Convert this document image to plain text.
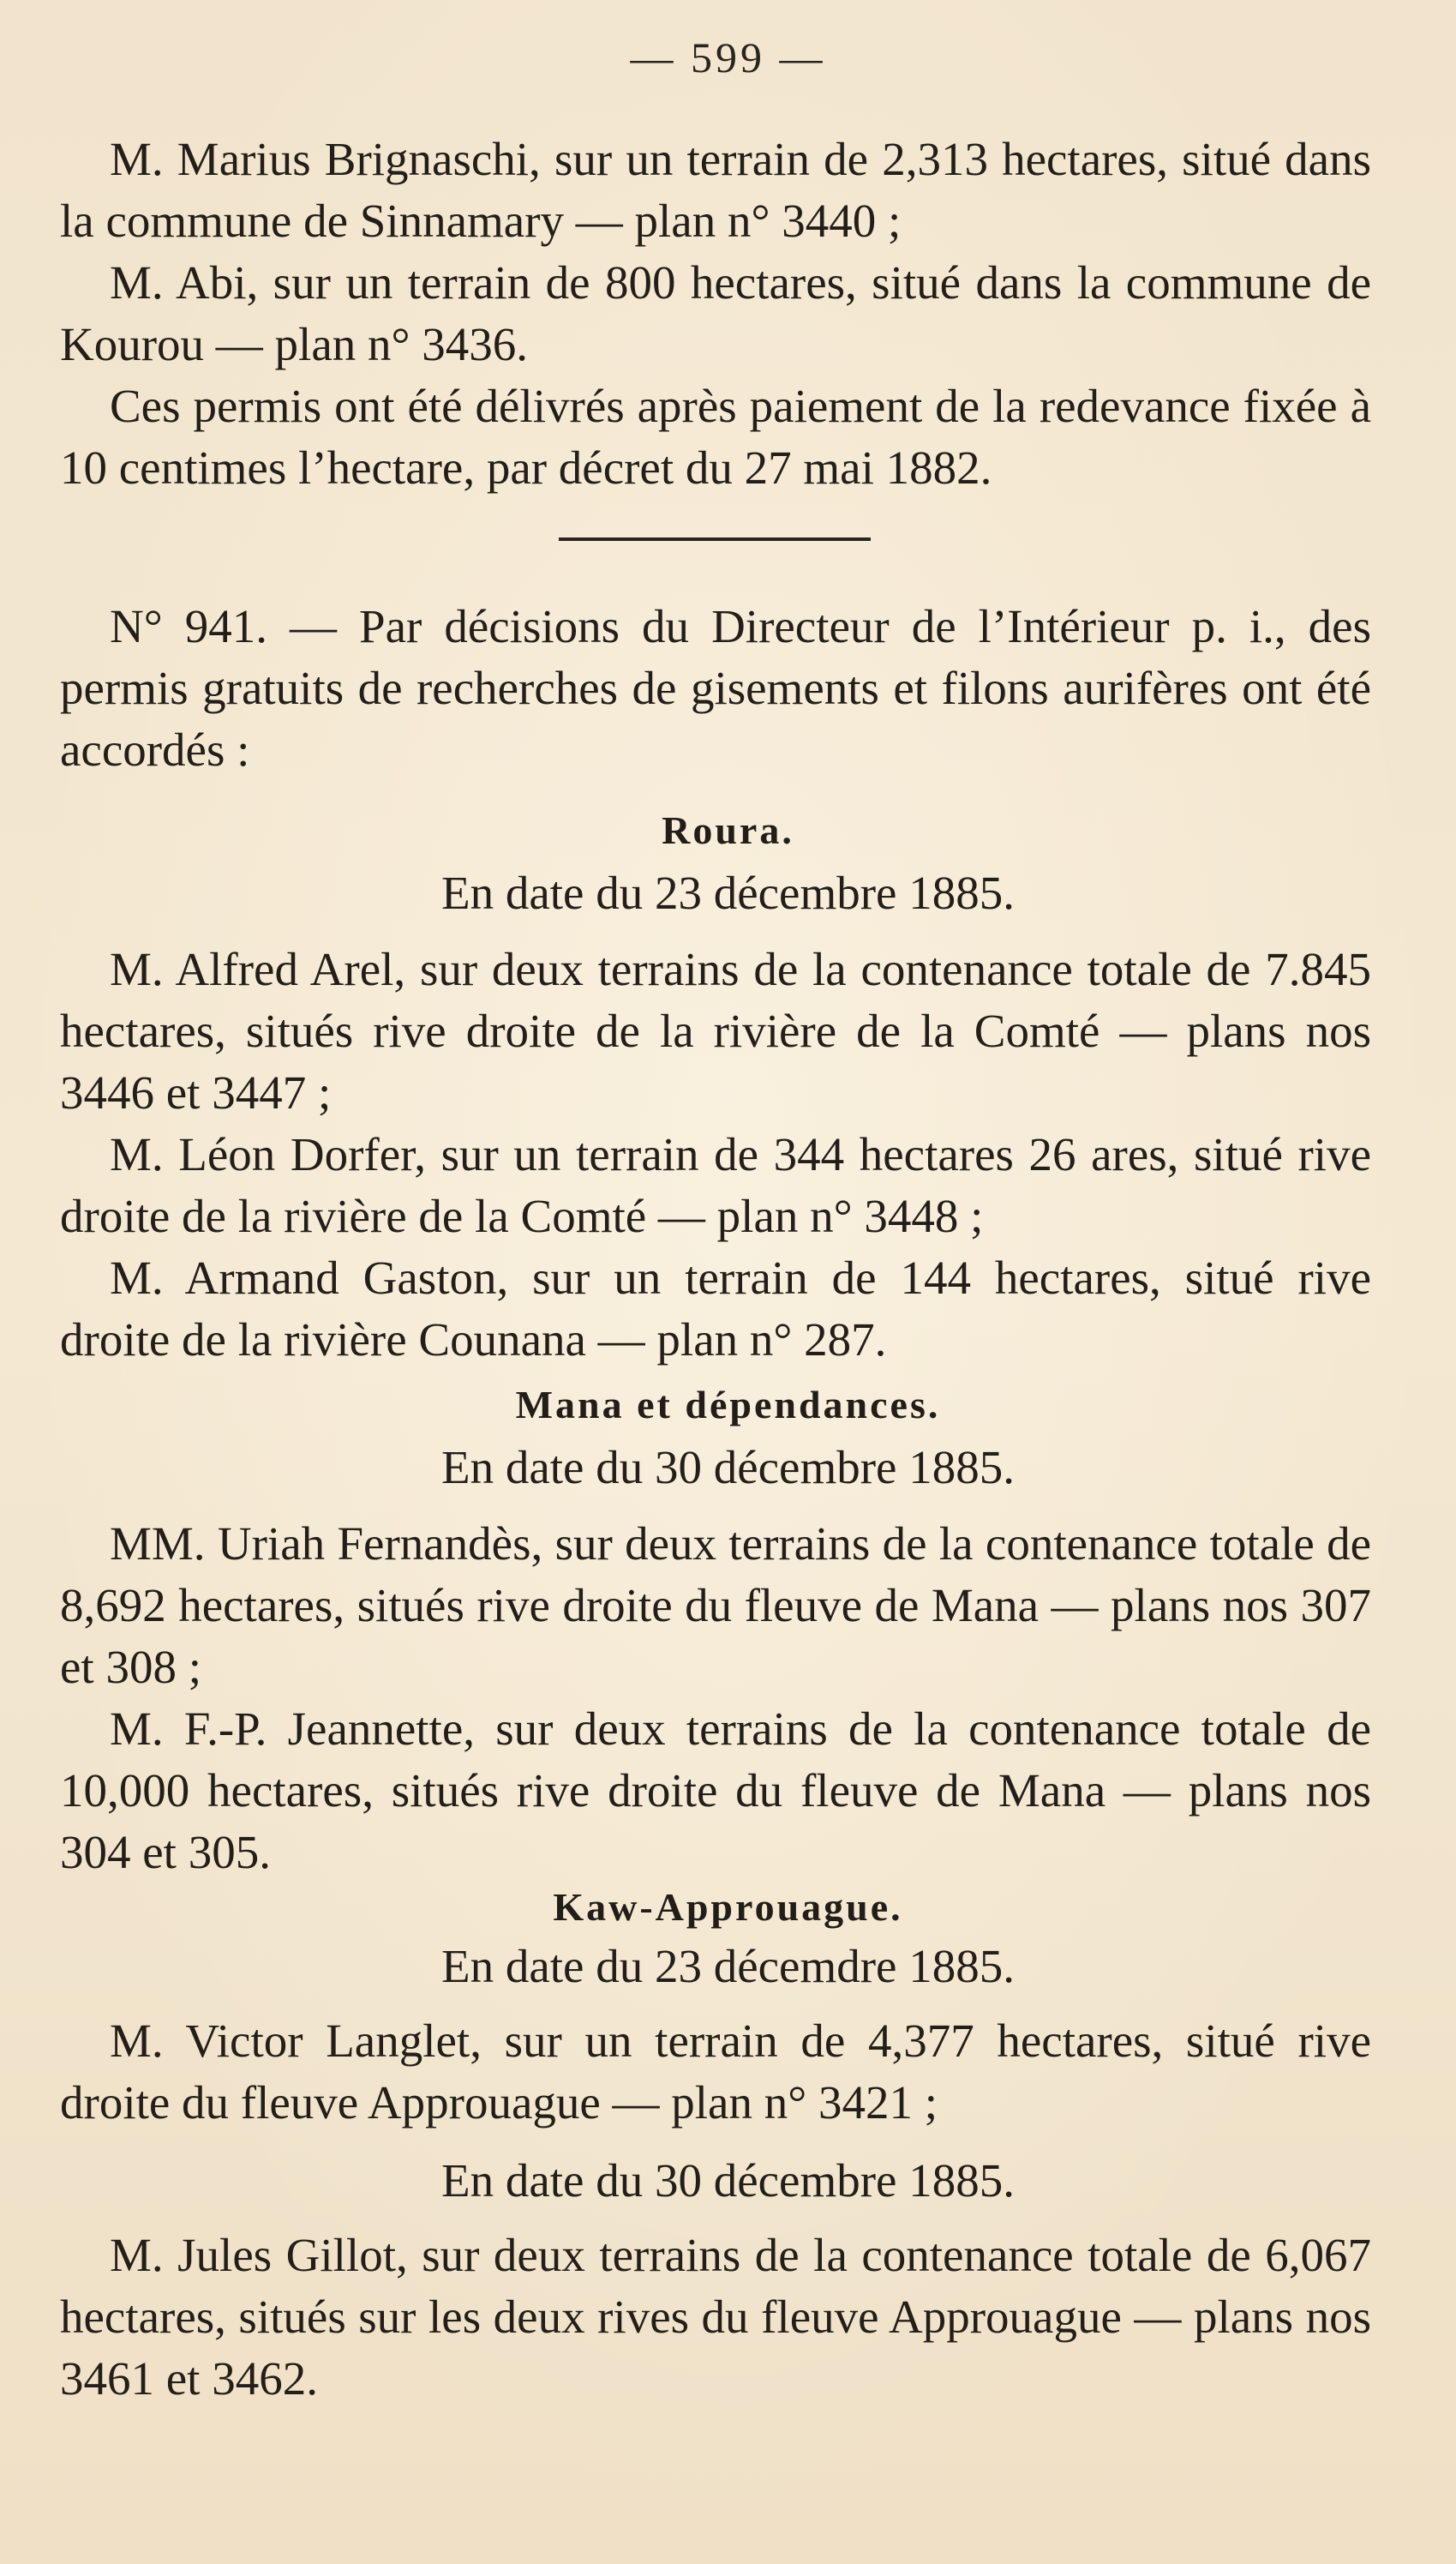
— 599 —

M. Marius Brignaschi, sur un terrain de 2,313 hectares, situé dans la commune de Sinnamary — plan n° 3440 ;

M. Abi, sur un terrain de 800 hectares, situé dans la commune de Kourou — plan n° 3436.

Ces permis ont été délivrés après paiement de la redevance fixée à 10 centimes l’hectare, par décret du 27 mai 1882.

N° 941. — Par décisions du Directeur de l’Intérieur p. i., des permis gratuits de recherches de gisements et filons aurifères ont été accordés :

Roura.
En date du 23 décembre 1885.

M. Alfred Arel, sur deux terrains de la contenance totale de 7.845 hectares, situés rive droite de la rivière de la Comté — plans nos 3446 et 3447 ;

M. Léon Dorfer, sur un terrain de 344 hectares 26 ares, situé rive droite de la rivière de la Comté — plan n° 3448 ;

M. Armand Gaston, sur un terrain de 144 hectares, situé rive droite de la rivière Counana — plan n° 287.

Mana et dépendances.
En date du 30 décembre 1885.

MM. Uriah Fernandès, sur deux terrains de la contenance totale de 8,692 hectares, situés rive droite du fleuve de Mana — plans nos 307 et 308 ;

M. F.-P. Jeannette, sur deux terrains de la contenance totale de 10,000 hectares, situés rive droite du fleuve de Mana — plans nos 304 et 305.

Kaw-Approuague.
En date du 23 décemdre 1885.

M. Victor Langlet, sur un terrain de 4,377 hectares, situé rive droite du fleuve Approuague — plan n° 3421 ;

En date du 30 décembre 1885.

M. Jules Gillot, sur deux terrains de la contenance totale de 6,067 hectares, situés sur les deux rives du fleuve Approuague — plans nos 3461 et 3462.
